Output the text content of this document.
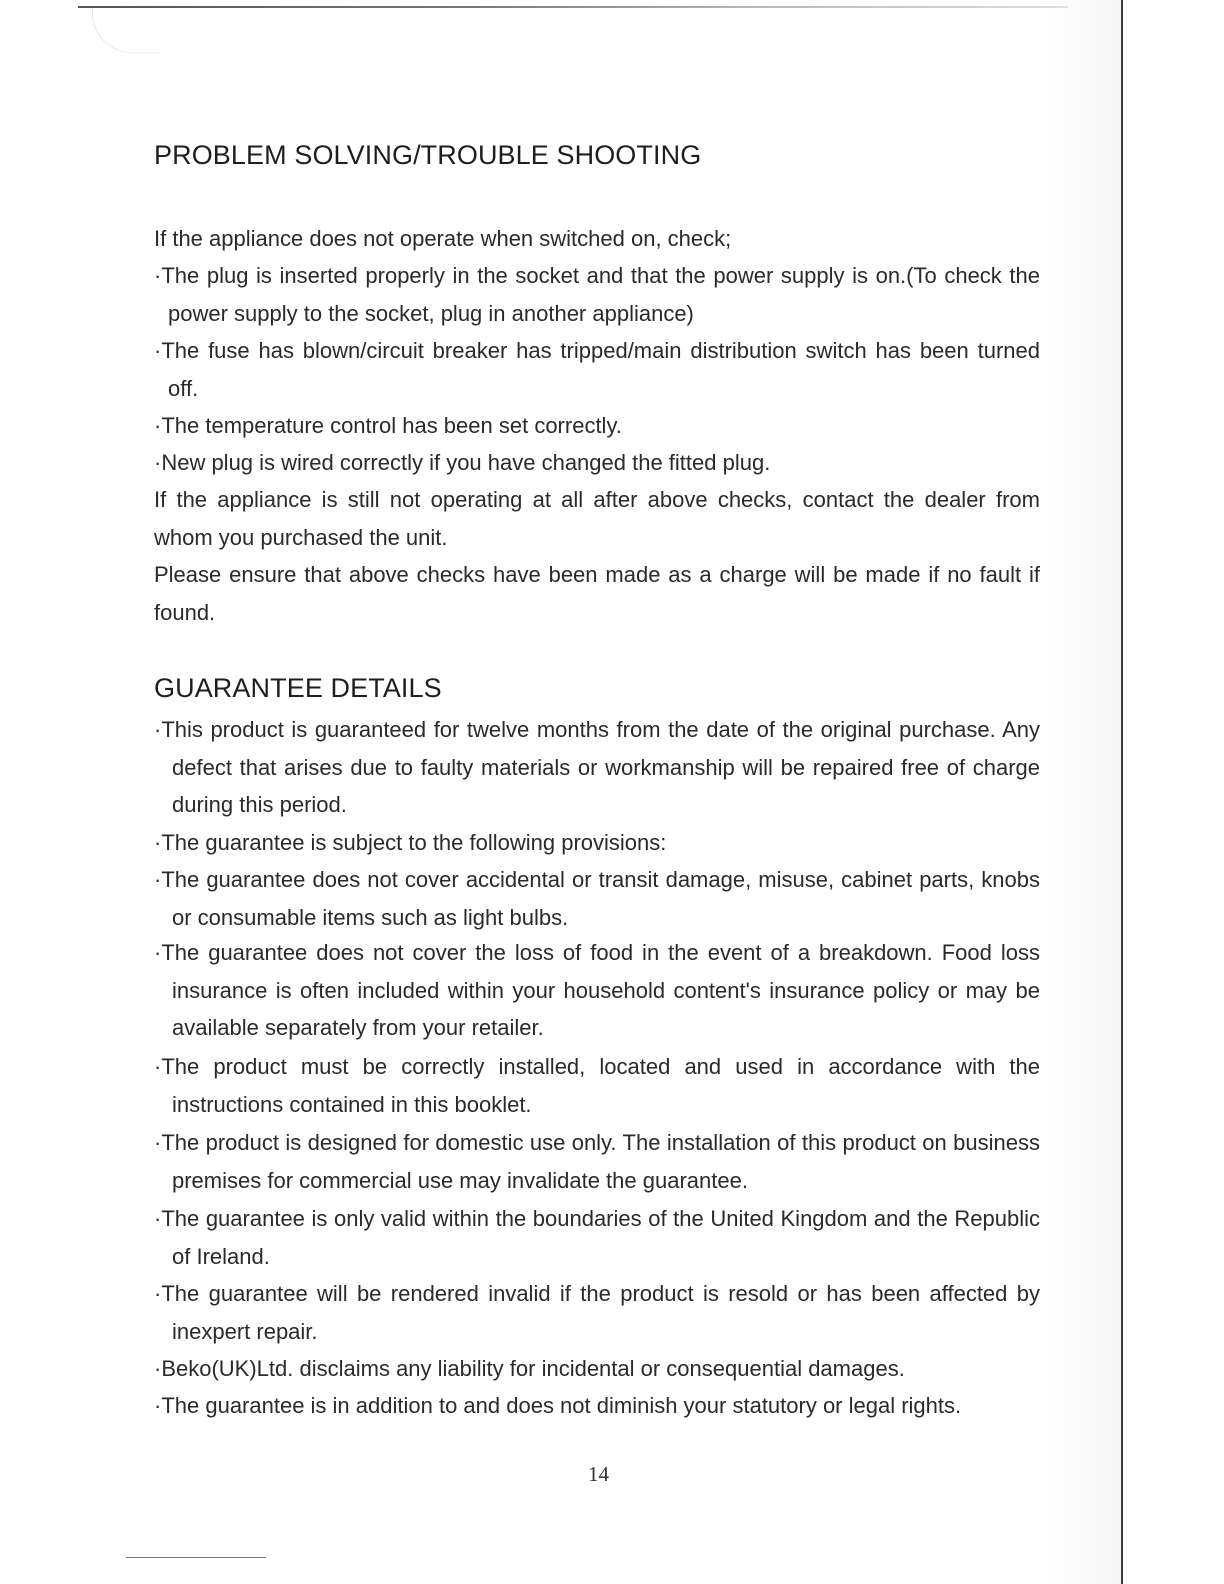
PROBLEM SOLVING/TROUBLE SHOOTING

If the appliance does not operate when switched on, check;

·The plug is inserted properly in the socket and that the power supply is on.(To check the power supply to the socket, plug in another appliance)

·The fuse has blown/circuit breaker has tripped/main distribution switch has been turned off.

·The temperature control has been set correctly.

·New plug is wired correctly if you have changed the fitted plug.

If the appliance is still not operating at all after above checks, contact the dealer from whom you purchased the unit.

Please ensure that above checks have been made as a charge will be made if no fault if found.

GUARANTEE DETAILS

·This product is guaranteed for twelve months from the date of the original purchase. Any defect that arises due to faulty materials or workmanship will be repaired free of charge during this period.

·The guarantee is subject to the following provisions:

·The guarantee does not cover accidental or transit damage, misuse, cabinet parts, knobs or consumable items such as light bulbs.

·The guarantee does not cover the loss of food in the event of a breakdown. Food loss insurance is often included within your household content's insurance policy or may be available separately from your retailer.

·The product must be correctly installed, located and used in accordance with the instructions contained in this booklet.

·The product is designed for domestic use only. The installation of this product on business premises for commercial use may invalidate the guarantee.

·The guarantee is only valid within the boundaries of the United Kingdom and the Republic of Ireland.

·The guarantee will be rendered invalid if the product is resold or has been affected by inexpert repair.

·Beko(UK)Ltd. disclaims any liability for incidental or consequential damages.

·The guarantee is in addition to and does not diminish your statutory or legal rights.

14
